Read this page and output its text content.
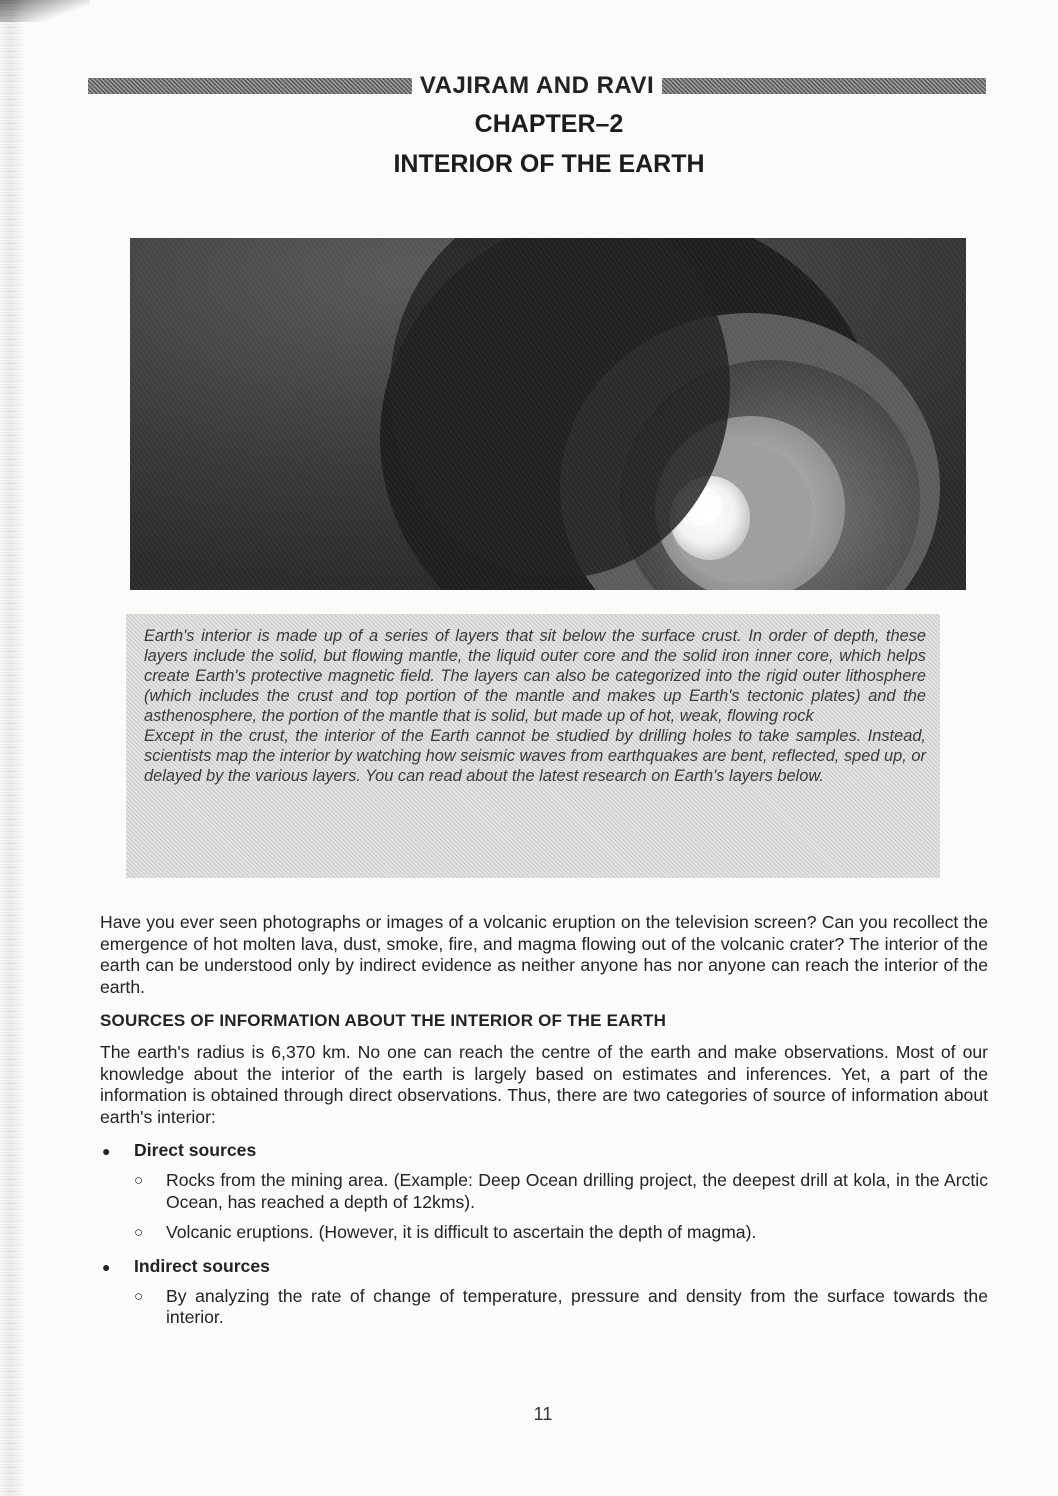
VAJIRAM AND RAVI
CHAPTER–2
INTERIOR OF THE EARTH

Earth's interior is made up of a series of layers that sit below the surface crust. In order of depth, these layers include the solid, but flowing mantle, the liquid outer core and the solid iron inner core, which helps create Earth's protective magnetic field. The layers can also be categorized into the rigid outer lithosphere (which includes the crust and top portion of the mantle and makes up Earth's tectonic plates) and the asthenosphere, the portion of the mantle that is solid, but made up of hot, weak, flowing rock

Except in the crust, the interior of the Earth cannot be studied by drilling holes to take samples. Instead, scientists map the interior by watching how seismic waves from earthquakes are bent, reflected, sped up, or delayed by the various layers. You can read about the latest research on Earth's layers below.

Have you ever seen photographs or images of a volcanic eruption on the television screen? Can you recollect the emergence of hot molten lava, dust, smoke, fire, and magma flowing out of the volcanic crater? The interior of the earth can be understood only by indirect evidence as neither anyone has nor anyone can reach the interior of the earth.

SOURCES OF INFORMATION ABOUT THE INTERIOR OF THE EARTH

The earth's radius is 6,370 km. No one can reach the centre of the earth and make observations. Most of our knowledge about the interior of the earth is largely based on estimates and inferences. Yet, a part of the information is obtained through direct observations. Thus, there are two categories of source of information about earth's interior:

●	Direct sources
○	Rocks from the mining area. (Example: Deep Ocean drilling project, the deepest drill at kola, in the Arctic Ocean, has reached a depth of 12kms).
○	Volcanic eruptions. (However, it is difficult to ascertain the depth of magma).
●	Indirect sources
○	By analyzing the rate of change of temperature, pressure and density from the surface towards the interior.
11
